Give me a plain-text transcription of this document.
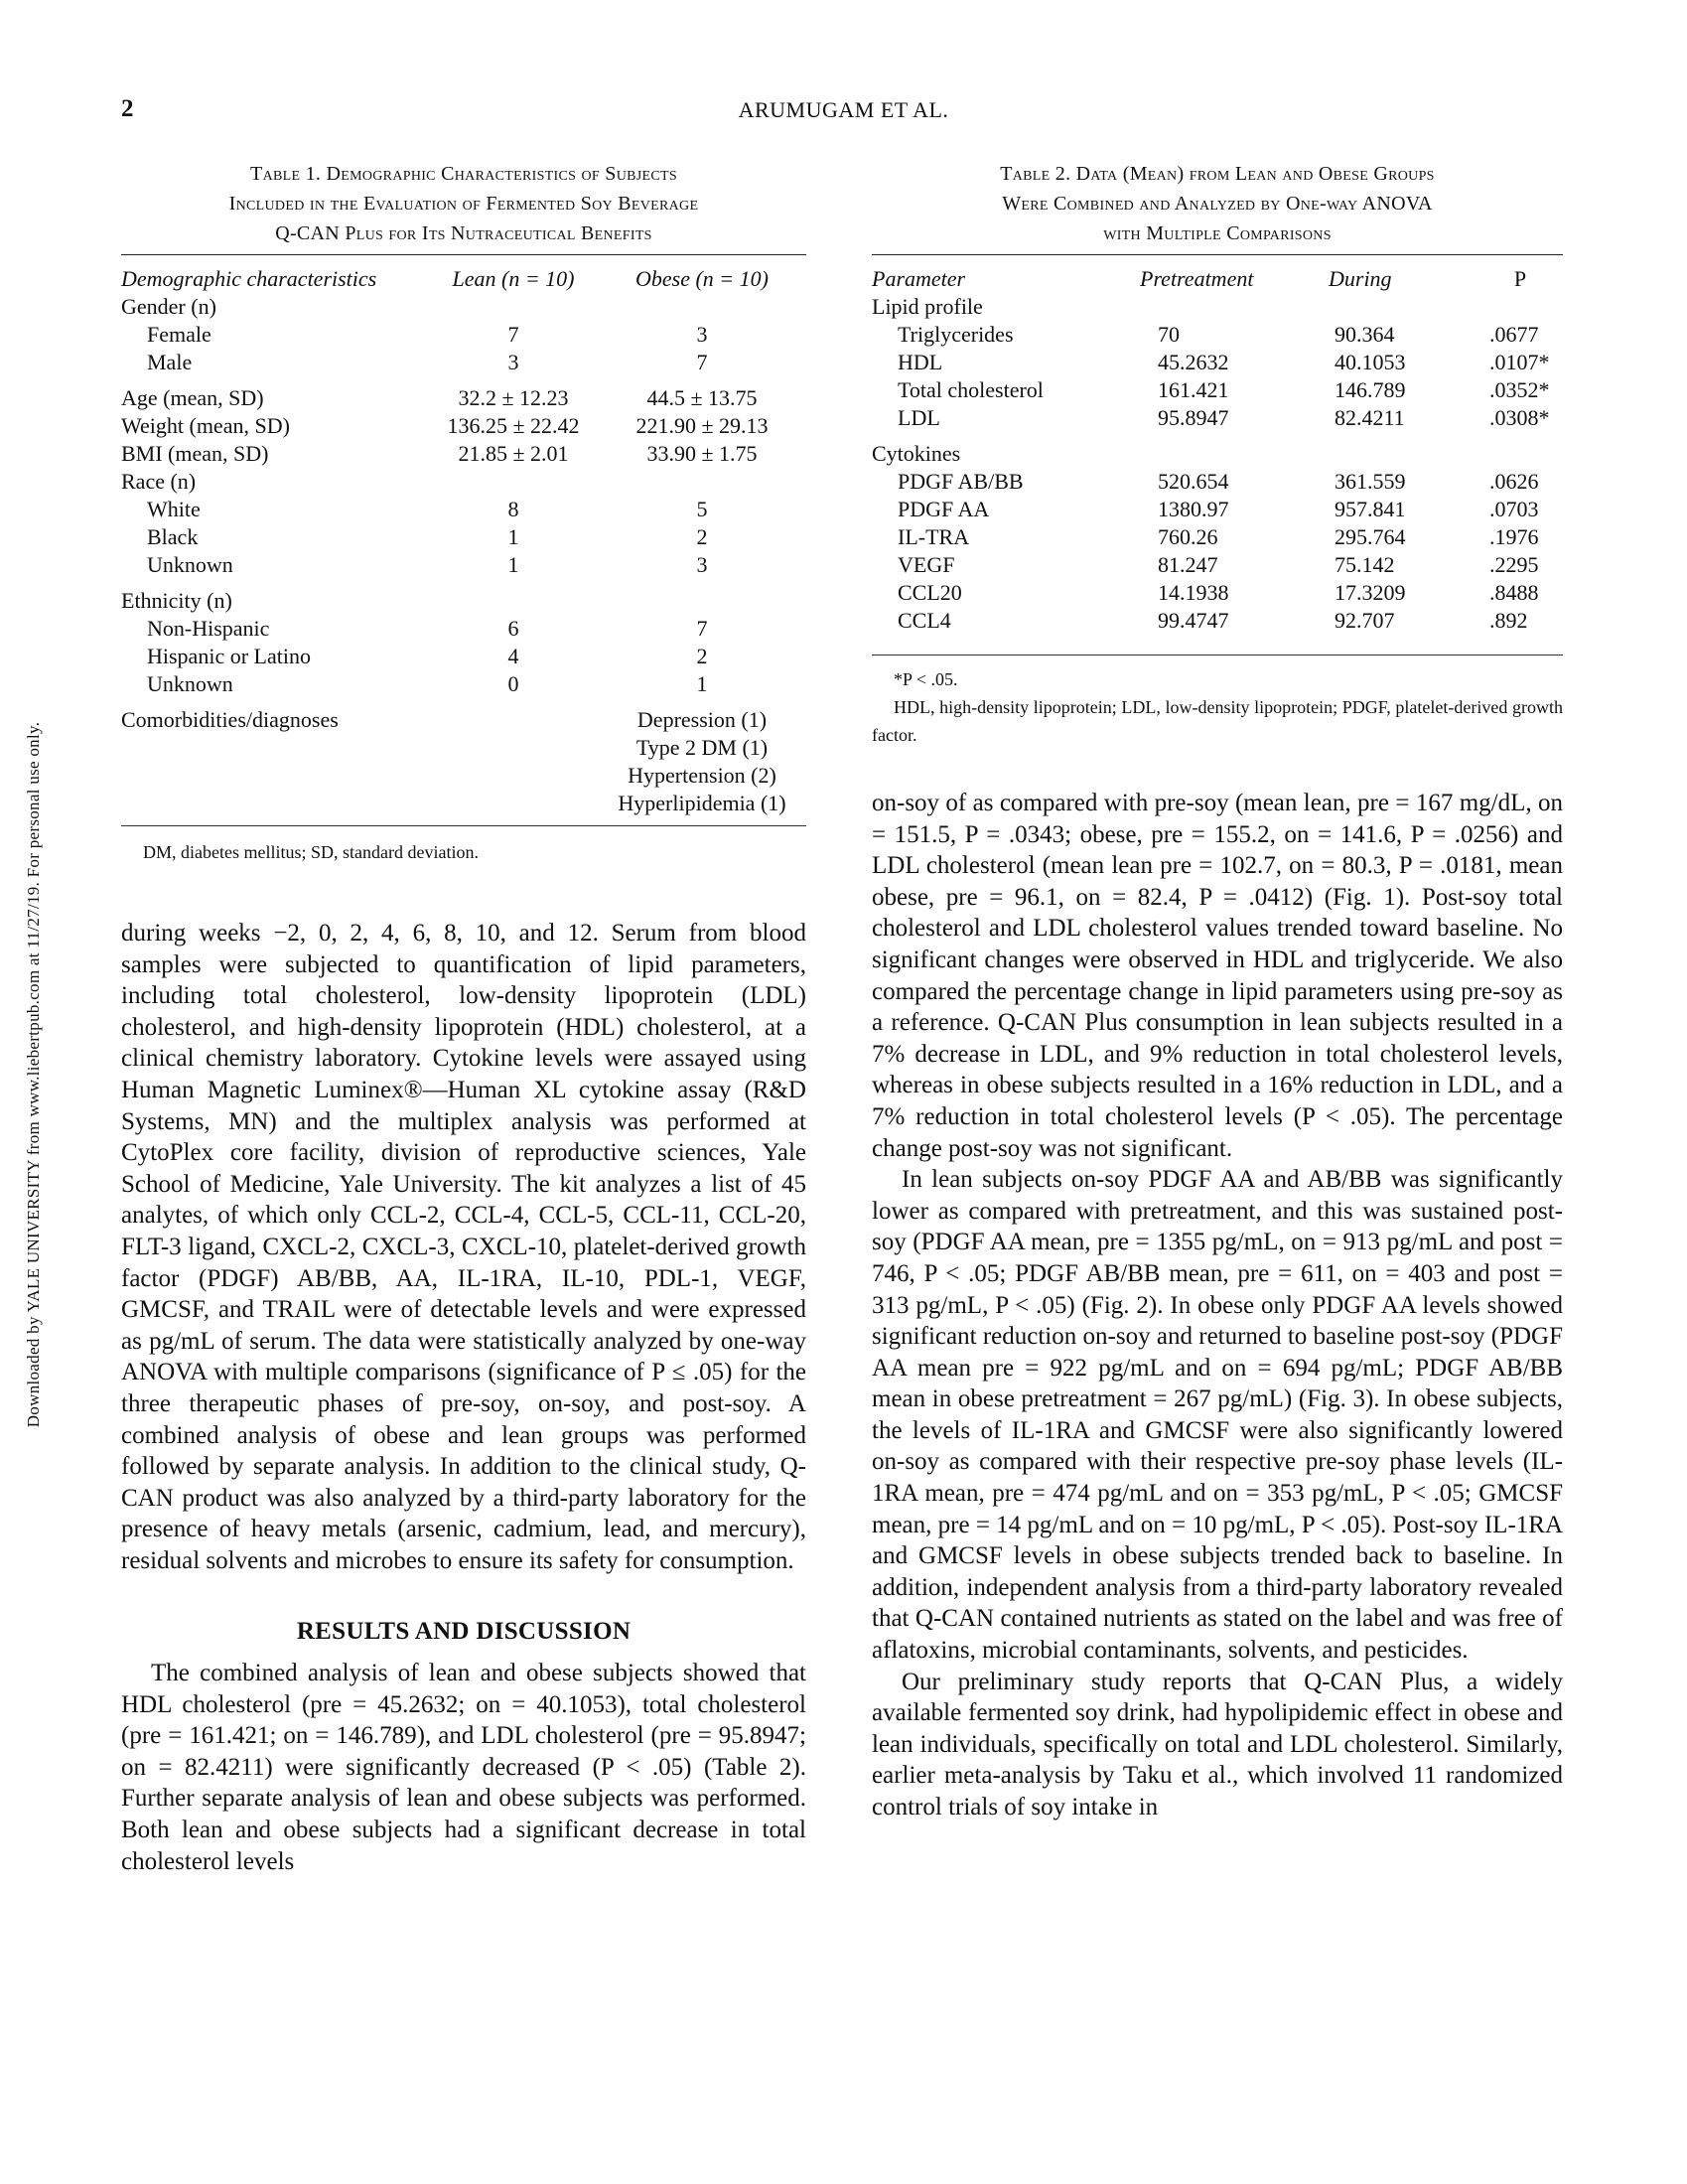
2	ARUMUGAM ET AL.
Downloaded by YALE UNIVERSITY from www.liebertpub.com at 11/27/19. For personal use only.
Table 1. Demographic Characteristics of Subjects
Included in the Evaluation of Fermented Soy Beverage
Q-CAN Plus for Its Nutraceutical Benefits
Demographic characteristics	Lean (n = 10)	Obese (n = 10)
Gender (n)		
Female	7	3
Male	3	7
Age (mean, SD)	32.2 ± 12.23	44.5 ± 13.75
Weight (mean, SD)	136.25 ± 22.42	221.90 ± 29.13
BMI (mean, SD)	21.85 ± 2.01	33.90 ± 1.75
Race (n)		
White	8	5
Black	1	2
Unknown	1	3
Ethnicity (n)		
Non-Hispanic	6	7
Hispanic or Latino	4	2
Unknown	0	1
Comorbidities/diagnoses		Depression (1)
		Type 2 DM (1)
		Hypertension (2)
		Hyperlipidemia (1)
DM, diabetes mellitus; SD, standard deviation.
Table 2. Data (Mean) from Lean and Obese Groups
Were Combined and Analyzed by One-way ANOVA
with Multiple Comparisons
Parameter	Pretreatment	During	P
Lipid profile			
Triglycerides	70	90.364	.0677
HDL	45.2632	40.1053	.0107*
Total cholesterol	161.421	146.789	.0352*
LDL	95.8947	82.4211	.0308*
Cytokines			
PDGF AB/BB	520.654	361.559	.0626
PDGF AA	1380.97	957.841	.0703
IL-TRA	760.26	295.764	.1976
VEGF	81.247	75.142	.2295
CCL20	14.1938	17.3209	.8488
CCL4	99.4747	92.707	.892
*P < .05.
HDL, high-density lipoprotein; LDL, low-density lipoprotein; PDGF, platelet-derived growth factor.

during weeks −2, 0, 2, 4, 6, 8, 10, and 12. Serum from blood samples were subjected to quantification of lipid parameters, including total cholesterol, low-density lipoprotein (LDL) cholesterol, and high-density lipoprotein (HDL) cholesterol, at a clinical chemistry laboratory. Cytokine levels were assayed using Human Magnetic Luminex®—Human XL cytokine assay (R&D Systems, MN) and the multiplex analysis was performed at CytoPlex core facility, division of reproductive sciences, Yale School of Medicine, Yale University. The kit analyzes a list of 45 analytes, of which only CCL-2, CCL-4, CCL-5, CCL-11, CCL-20, FLT-3 ligand, CXCL-2, CXCL-3, CXCL-10, platelet-derived growth factor (PDGF) AB/BB, AA, IL-1RA, IL-10, PDL-1, VEGF, GMCSF, and TRAIL were of detectable levels and were expressed as pg/mL of serum. The data were statistically analyzed by one-way ANOVA with multiple comparisons (significance of P ≤ .05) for the three therapeutic phases of pre-soy, on-soy, and post-soy. A combined analysis of obese and lean groups was performed followed by separate analysis. In addition to the clinical study, Q-CAN product was also analyzed by a third-party laboratory for the presence of heavy metals (arsenic, cadmium, lead, and mercury), residual solvents and microbes to ensure its safety for consumption.

RESULTS AND DISCUSSION

The combined analysis of lean and obese subjects showed that HDL cholesterol (pre = 45.2632; on = 40.1053), total cholesterol (pre = 161.421; on = 146.789), and LDL cholesterol (pre = 95.8947; on = 82.4211) were significantly decreased (P < .05) (Table 2). Further separate analysis of lean and obese subjects was performed. Both lean and obese subjects had a significant decrease in total cholesterol levels

on-soy of as compared with pre-soy (mean lean, pre = 167 mg/dL, on = 151.5, P = .0343; obese, pre = 155.2, on = 141.6, P = .0256) and LDL cholesterol (mean lean pre = 102.7, on = 80.3, P = .0181, mean obese, pre = 96.1, on = 82.4, P = .0412) (Fig. 1). Post-soy total cholesterol and LDL cholesterol values trended toward baseline. No significant changes were observed in HDL and triglyceride. We also compared the percentage change in lipid parameters using pre-soy as a reference. Q-CAN Plus consumption in lean subjects resulted in a 7% decrease in LDL, and 9% reduction in total cholesterol levels, whereas in obese subjects resulted in a 16% reduction in LDL, and a 7% reduction in total cholesterol levels (P < .05). The percentage change post-soy was not significant.

In lean subjects on-soy PDGF AA and AB/BB was significantly lower as compared with pretreatment, and this was sustained post-soy (PDGF AA mean, pre = 1355 pg/mL, on = 913 pg/mL and post = 746, P < .05; PDGF AB/BB mean, pre = 611, on = 403 and post = 313 pg/mL, P < .05) (Fig. 2). In obese only PDGF AA levels showed significant reduction on-soy and returned to baseline post-soy (PDGF AA mean pre = 922 pg/mL and on = 694 pg/mL; PDGF AB/BB mean in obese pretreatment = 267 pg/mL) (Fig. 3). In obese subjects, the levels of IL-1RA and GMCSF were also significantly lowered on-soy as compared with their respective pre-soy phase levels (IL-1RA mean, pre = 474 pg/mL and on = 353 pg/mL, P < .05; GMCSF mean, pre = 14 pg/mL and on = 10 pg/mL, P < .05). Post-soy IL-1RA and GMCSF levels in obese subjects trended back to baseline. In addition, independent analysis from a third-party laboratory revealed that Q-CAN contained nutrients as stated on the label and was free of aflatoxins, microbial contaminants, solvents, and pesticides.

Our preliminary study reports that Q-CAN Plus, a widely available fermented soy drink, had hypolipidemic effect in obese and lean individuals, specifically on total and LDL cholesterol. Similarly, earlier meta-analysis by Taku et al., which involved 11 randomized control trials of soy intake in
